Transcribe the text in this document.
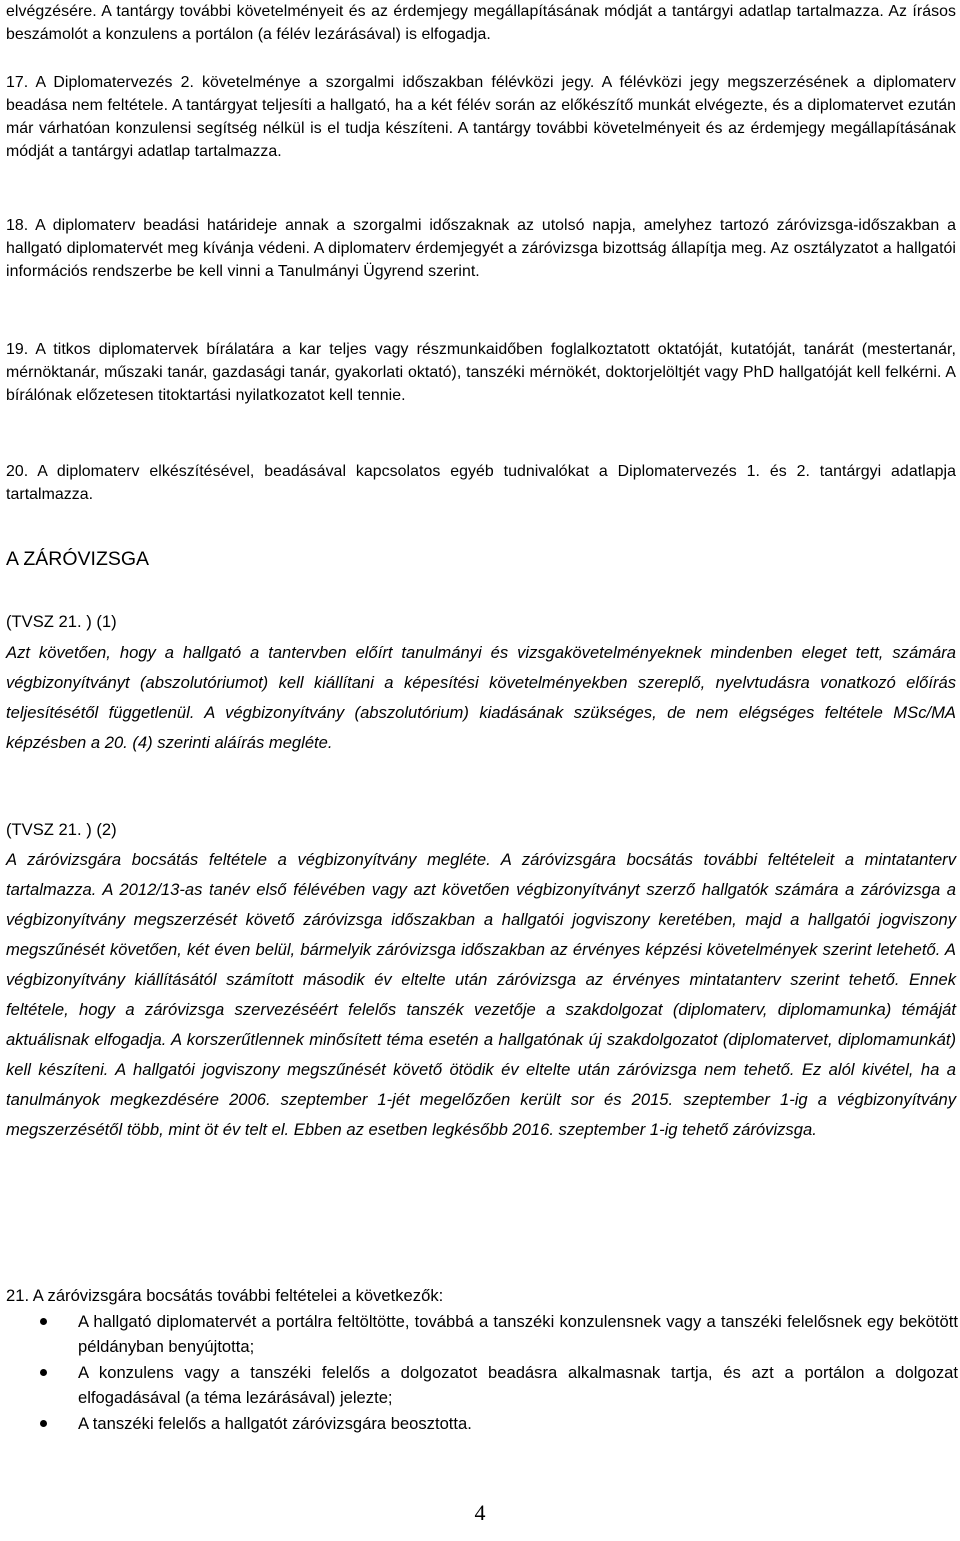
elvégzésére. A tantárgy további követelményeit és az érdemjegy megállapításának módját a tantárgyi adatlap tartalmazza. Az írásos beszámolót a konzulens a portálon (a félév lezárásával) is elfogadja.

17. A Diplomatervezés 2. követelménye a szorgalmi időszakban félévközi jegy. A félévközi jegy megszerzésének a diplomaterv beadása nem feltétele. A tantárgyat teljesíti a hallgató, ha a két félév során az előkészítő munkát elvégezte, és a diplomatervet ezután már várhatóan konzulensi segítség nélkül is el tudja készíteni. A tantárgy további követelményeit és az érdemjegy megállapításának módját a tantárgyi adatlap tartalmazza.

18. A diplomaterv beadási határideje annak a szorgalmi időszaknak az utolsó napja, amelyhez tartozó záróvizsga-időszakban a hallgató diplomatervét meg kívánja védeni. A diplomaterv érdemjegyét a záróvizsga bizottság állapítja meg. Az osztályzatot a hallgatói információs rendszerbe be kell vinni a Tanulmányi Ügyrend szerint.

19. A titkos diplomatervek bírálatára a kar teljes vagy részmunkaidőben foglalkoztatott oktatóját, kutatóját, tanárát (mestertanár, mérnöktanár, műszaki tanár, gazdasági tanár, gyakorlati oktató), tanszéki mérnökét, doktorjelöltjét vagy PhD hallgatóját kell felkérni. A bírálónak előzetesen titoktartási nyilatkozatot kell tennie.

20. A diplomaterv elkészítésével, beadásával kapcsolatos egyéb tudnivalókat a Diplomatervezés 1. és 2. tantárgyi adatlapja tartalmazza.

A ZÁRÓVIZSGA
(TVSZ 21. ) (1)

Azt követően, hogy a hallgató a tantervben előírt tanulmányi és vizsgakövetelményeknek mindenben eleget tett, számára végbizonyítványt (abszolutóriumot) kell kiállítani a képesítési követelményekben szereplő, nyelvtudásra vonatkozó előírás teljesítésétől függetlenül. A végbizonyítvány (abszolutórium) kiadásának szükséges, de nem elégséges feltétele MSc/MA képzésben a 20. (4) szerinti aláírás megléte.

(TVSZ 21. ) (2)

A záróvizsgára bocsátás feltétele a végbizonyítvány megléte. A záróvizsgára bocsátás további feltételeit a mintatanterv tartalmazza. A 2012/13-as tanév első félévében vagy azt követően végbizonyítványt szerző hallgatók számára a záróvizsga a végbizonyítvány megszerzését követő záróvizsga időszakban a hallgatói jogviszony keretében, majd a hallgatói jogviszony megszűnését követően, két éven belül, bármelyik záróvizsga időszakban az érvényes képzési követelmények szerint letehető. A végbizonyítvány kiállításától számított második év eltelte után záróvizsga az érvényes mintatanterv szerint tehető. Ennek feltétele, hogy a záróvizsga szervezéséért felelős tanszék vezetője a szakdolgozat (diplomaterv, diplomamunka) témáját aktuálisnak elfogadja. A korszerűtlennek minősített téma esetén a hallgatónak új szakdolgozatot (diplomatervet, diplomamunkát) kell készíteni. A hallgatói jogviszony megszűnését követő ötödik év eltelte után záróvizsga nem tehető. Ez alól kivétel, ha a tanulmányok megkezdésére 2006. szeptember 1-jét megelőzően került sor és 2015. szeptember 1-ig a végbizonyítvány megszerzésétől több, mint öt év telt el. Ebben az esetben legkésőbb 2016. szeptember 1-ig tehető záróvizsga.

21. A záróvizsgára bocsátás további feltételei a következők:
A hallgató diplomatervét a portálra feltöltötte, továbbá a tanszéki konzulensnek vagy a tanszéki felelősnek egy bekötött példányban benyújtotta;
A konzulens vagy a tanszéki felelős a dolgozatot beadásra alkalmasnak tartja, és azt a portálon a dolgozat elfogadásával (a téma lezárásával) jelezte;
A tanszéki felelős a hallgatót záróvizsgára beosztotta.
4
